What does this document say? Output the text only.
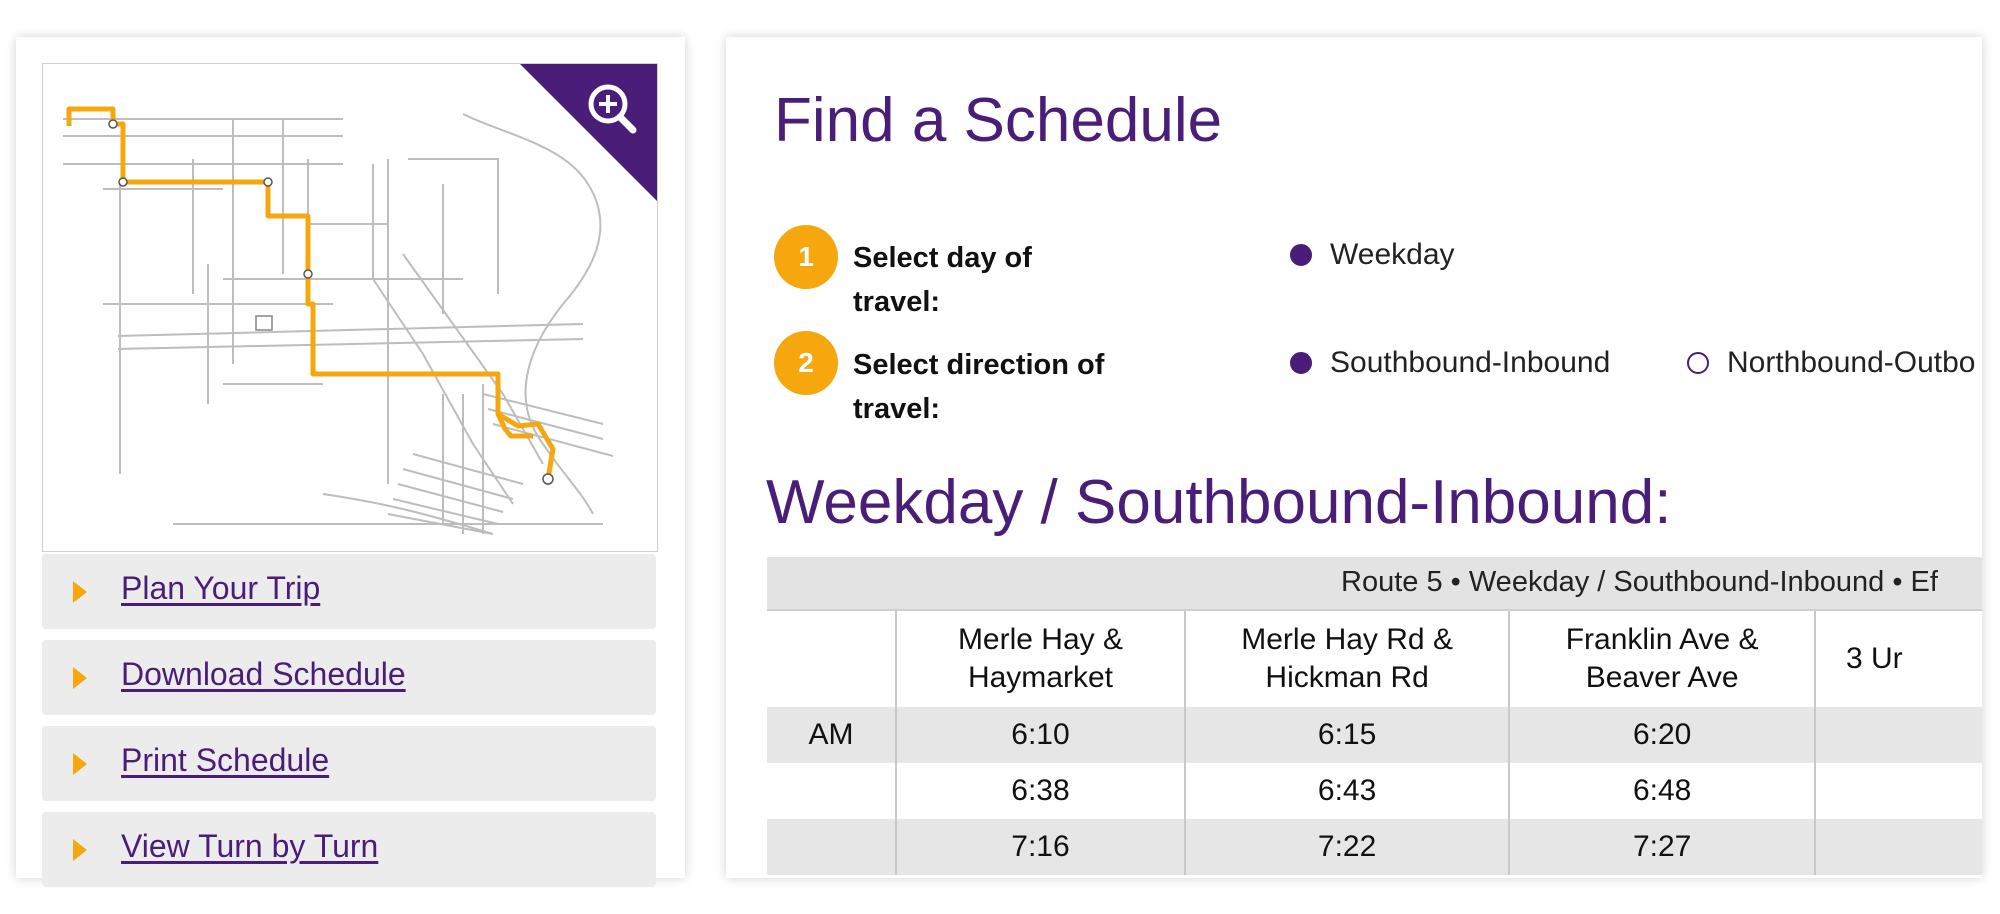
Plan Your Trip
Download Schedule
Print Schedule
View Turn by Turn
Find a Schedule
1	Select day of travel:
Weekday
2	Select direction of travel:
Southbound-Inbound	Northbound-Outbo
Weekday / Southbound-Inbound:
Route 5 • Weekday / Southbound-Inbound • Ef
	Merle Hay & Haymarket	Merle Hay Rd & Hickman Rd	Franklin Ave & Beaver Ave	3 Ur
AM	6:10	6:15	6:20	
	6:38	6:43	6:48	
	7:16	7:22	7:27	
